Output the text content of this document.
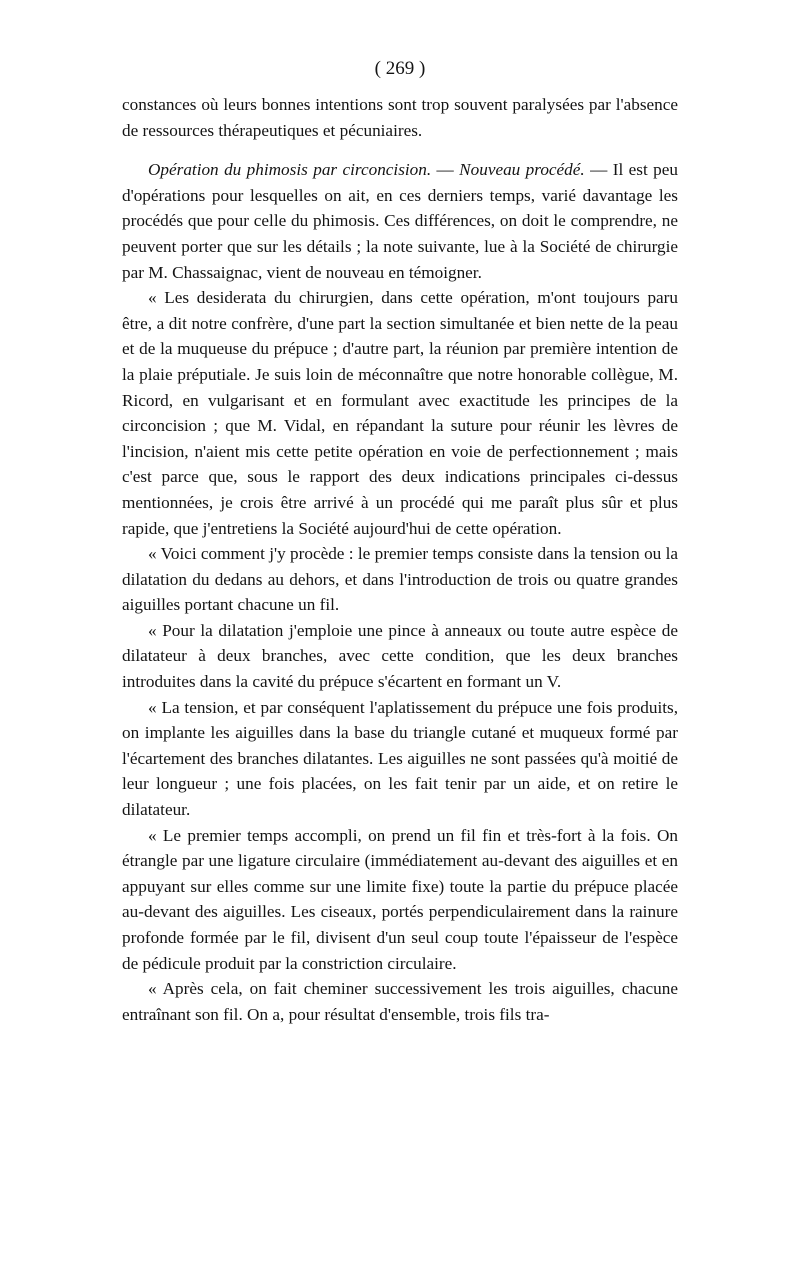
( 269 )

constances où leurs bonnes intentions sont trop souvent paralysées par l'absence de ressources thérapeutiques et pécuniaires.

Opération du phimosis par circoncision. — Nouveau procédé. — Il est peu d'opérations pour lesquelles on ait, en ces derniers temps, varié davantage les procédés que pour celle du phimosis. Ces différences, on doit le comprendre, ne peuvent porter que sur les détails ; la note suivante, lue à la Société de chirurgie par M. Chassaignac, vient de nouveau en témoigner.

« Les desiderata du chirurgien, dans cette opération, m'ont toujours paru être, a dit notre confrère, d'une part la section simultanée et bien nette de la peau et de la muqueuse du prépuce ; d'autre part, la réunion par première intention de la plaie préputiale. Je suis loin de méconnaître que notre honorable collègue, M. Ricord, en vulgarisant et en formulant avec exactitude les principes de la circoncision ; que M. Vidal, en répandant la suture pour réunir les lèvres de l'incision, n'aient mis cette petite opération en voie de perfectionnement ; mais c'est parce que, sous le rapport des deux indications principales ci-dessus mentionnées, je crois être arrivé à un procédé qui me paraît plus sûr et plus rapide, que j'entretiens la Société aujourd'hui de cette opération.

« Voici comment j'y procède : le premier temps consiste dans la tension ou la dilatation du dedans au dehors, et dans l'introduction de trois ou quatre grandes aiguilles portant chacune un fil.

« Pour la dilatation j'emploie une pince à anneaux ou toute autre espèce de dilatateur à deux branches, avec cette condition, que les deux branches introduites dans la cavité du prépuce s'écartent en formant un V.

« La tension, et par conséquent l'aplatissement du prépuce une fois produits, on implante les aiguilles dans la base du triangle cutané et muqueux formé par l'écartement des branches dilatantes. Les aiguilles ne sont passées qu'à moitié de leur longueur ; une fois placées, on les fait tenir par un aide, et on retire le dilatateur.

« Le premier temps accompli, on prend un fil fin et très-fort à la fois. On étrangle par une ligature circulaire (immédiatement au-devant des aiguilles et en appuyant sur elles comme sur une limite fixe) toute la partie du prépuce placée au-devant des aiguilles. Les ciseaux, portés perpendiculairement dans la rainure profonde formée par le fil, divisent d'un seul coup toute l'épaisseur de l'espèce de pédicule produit par la constriction circulaire.

« Après cela, on fait cheminer successivement les trois aiguilles, chacune entraînant son fil. On a, pour résultat d'ensemble, trois fils tra-
